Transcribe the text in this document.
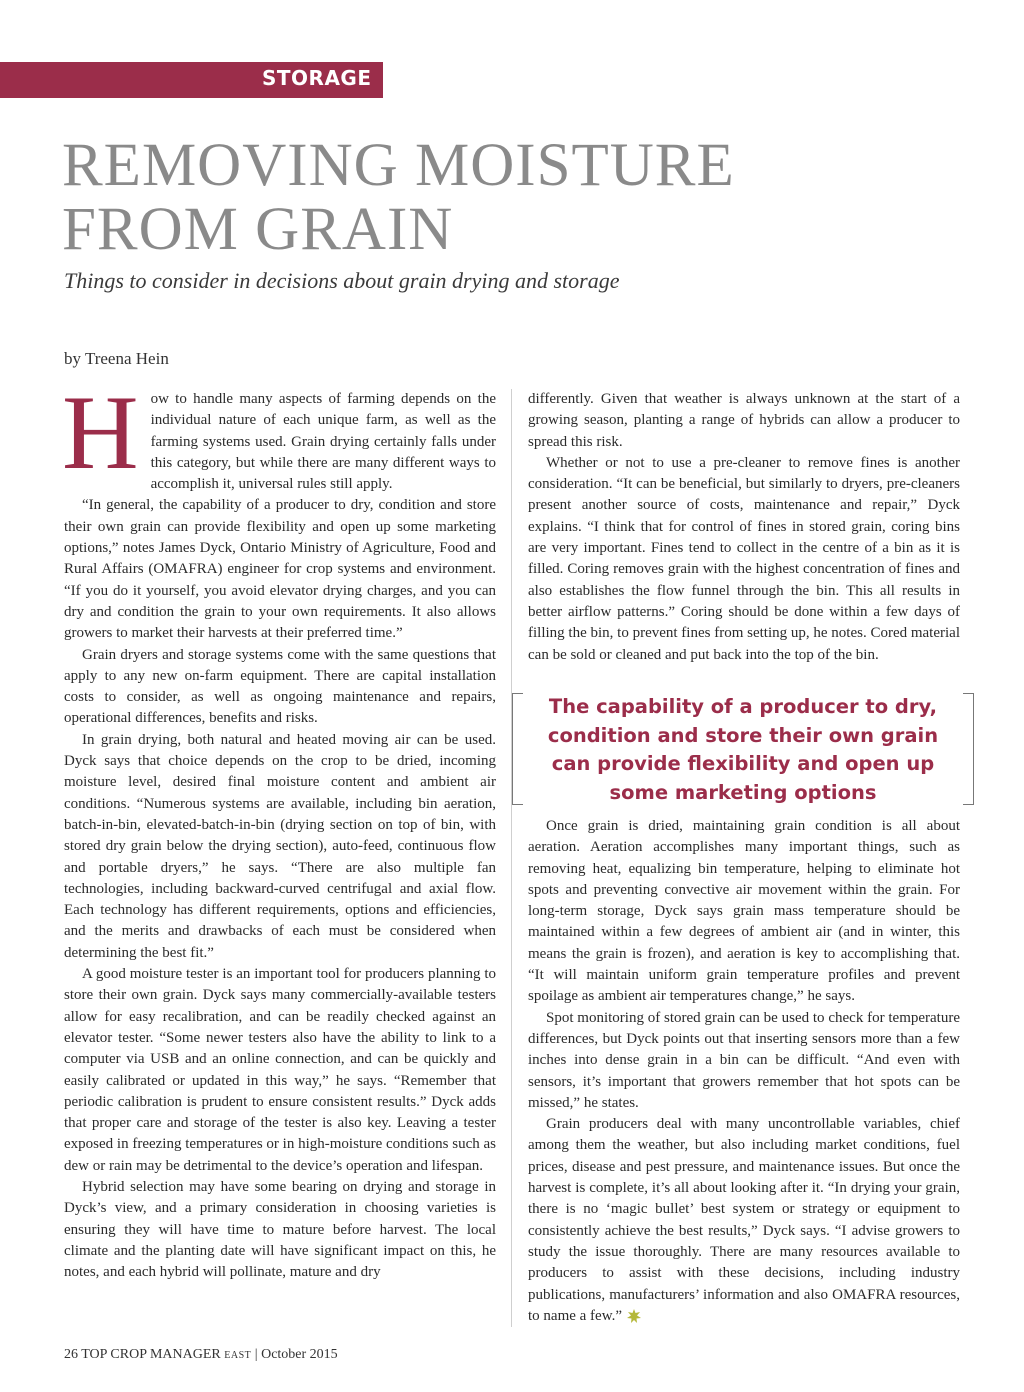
STORAGE
REMOVING MOISTURE
FROM GRAIN
Things to consider in decisions about grain drying and storage
by Treena Hein

How to handle many aspects of farming depends on the individual nature of each unique farm, as well as the farming systems used. Grain drying certainly falls under this category, but while there are many different ways to accomplish it, universal rules still apply.

“In general, the capability of a producer to dry, condition and store their own grain can provide flexibility and open up some marketing options,” notes James Dyck, Ontario Ministry of Agriculture, Food and Rural Affairs (OMAFRA) engineer for crop systems and environment. “If you do it yourself, you avoid elevator drying charges, and you can dry and condition the grain to your own requirements. It also allows growers to market their harvests at their preferred time.”

Grain dryers and storage systems come with the same questions that apply to any new on-farm equipment. There are capital installation costs to consider, as well as ongoing maintenance and repairs, operational differences, benefits and risks.

In grain drying, both natural and heated moving air can be used. Dyck says that choice depends on the crop to be dried, incoming moisture level, desired final moisture content and ambient air conditions. “Numerous systems are available, including bin aeration, batch-in-bin, elevated-batch-in-bin (drying section on top of bin, with stored dry grain below the drying section), auto-feed, continuous flow and portable dryers,” he says. “There are also multiple fan technologies, including backward-curved centrifugal and axial flow. Each technology has different requirements, options and efficiencies, and the merits and drawbacks of each must be considered when determining the best fit.”

A good moisture tester is an important tool for producers planning to store their own grain. Dyck says many commercially-available testers allow for easy recalibration, and can be readily checked against an elevator tester. “Some newer testers also have the ability to link to a computer via USB and an online connection, and can be quickly and easily calibrated or updated in this way,” he says. “Remember that periodic calibration is prudent to ensure consistent results.” Dyck adds that proper care and storage of the tester is also key. Leaving a tester exposed in freezing temperatures or in high-moisture conditions such as dew or rain may be detrimental to the device’s operation and lifespan.

Hybrid selection may have some bearing on drying and storage in Dyck’s view, and a primary consideration in choosing varieties is ensuring they will have time to mature before harvest. The local climate and the planting date will have significant impact on this, he notes, and each hybrid will pollinate, mature and dry

differently. Given that weather is always unknown at the start of a growing season, planting a range of hybrids can allow a producer to spread this risk.

Whether or not to use a pre-cleaner to remove fines is another consideration. “It can be beneficial, but similarly to dryers, pre-cleaners present another source of costs, maintenance and repair,” Dyck explains. “I think that for control of fines in stored grain, coring bins are very important. Fines tend to collect in the centre of a bin as it is filled. Coring removes grain with the highest concentration of fines and also establishes the flow funnel through the bin. This all results in better airflow patterns.” Coring should be done within a few days of filling the bin, to prevent fines from setting up, he notes. Cored material can be sold or cleaned and put back into the top of the bin.

The capability of a producer to dry, condition and store their own grain can provide flexibility and open up some marketing options

Once grain is dried, maintaining grain condition is all about aeration. Aeration accomplishes many important things, such as removing heat, equalizing bin temperature, helping to eliminate hot spots and preventing convective air movement within the grain. For long-term storage, Dyck says grain mass temperature should be maintained within a few degrees of ambient air (and in winter, this means the grain is frozen), and aeration is key to accomplishing that. “It will maintain uniform grain temperature profiles and prevent spoilage as ambient air temperatures change,” he says.

Spot monitoring of stored grain can be used to check for temperature differences, but Dyck points out that inserting sensors more than a few inches into dense grain in a bin can be difficult. “And even with sensors, it’s important that growers remember that hot spots can be missed,” he states.

Grain producers deal with many uncontrollable variables, chief among them the weather, but also including market conditions, fuel prices, disease and pest pressure, and maintenance issues. But once the harvest is complete, it’s all about looking after it. “In drying your grain, there is no ‘magic bullet’ best system or strategy or equipment to consistently achieve the best results,” Dyck says. “I advise growers to study the issue thoroughly. There are many resources available to producers to assist with these decisions, including industry publications, manufacturers’ information and also OMAFRA resources, to name a few.”

26 TOP CROP MANAGER EAST | October 2015
